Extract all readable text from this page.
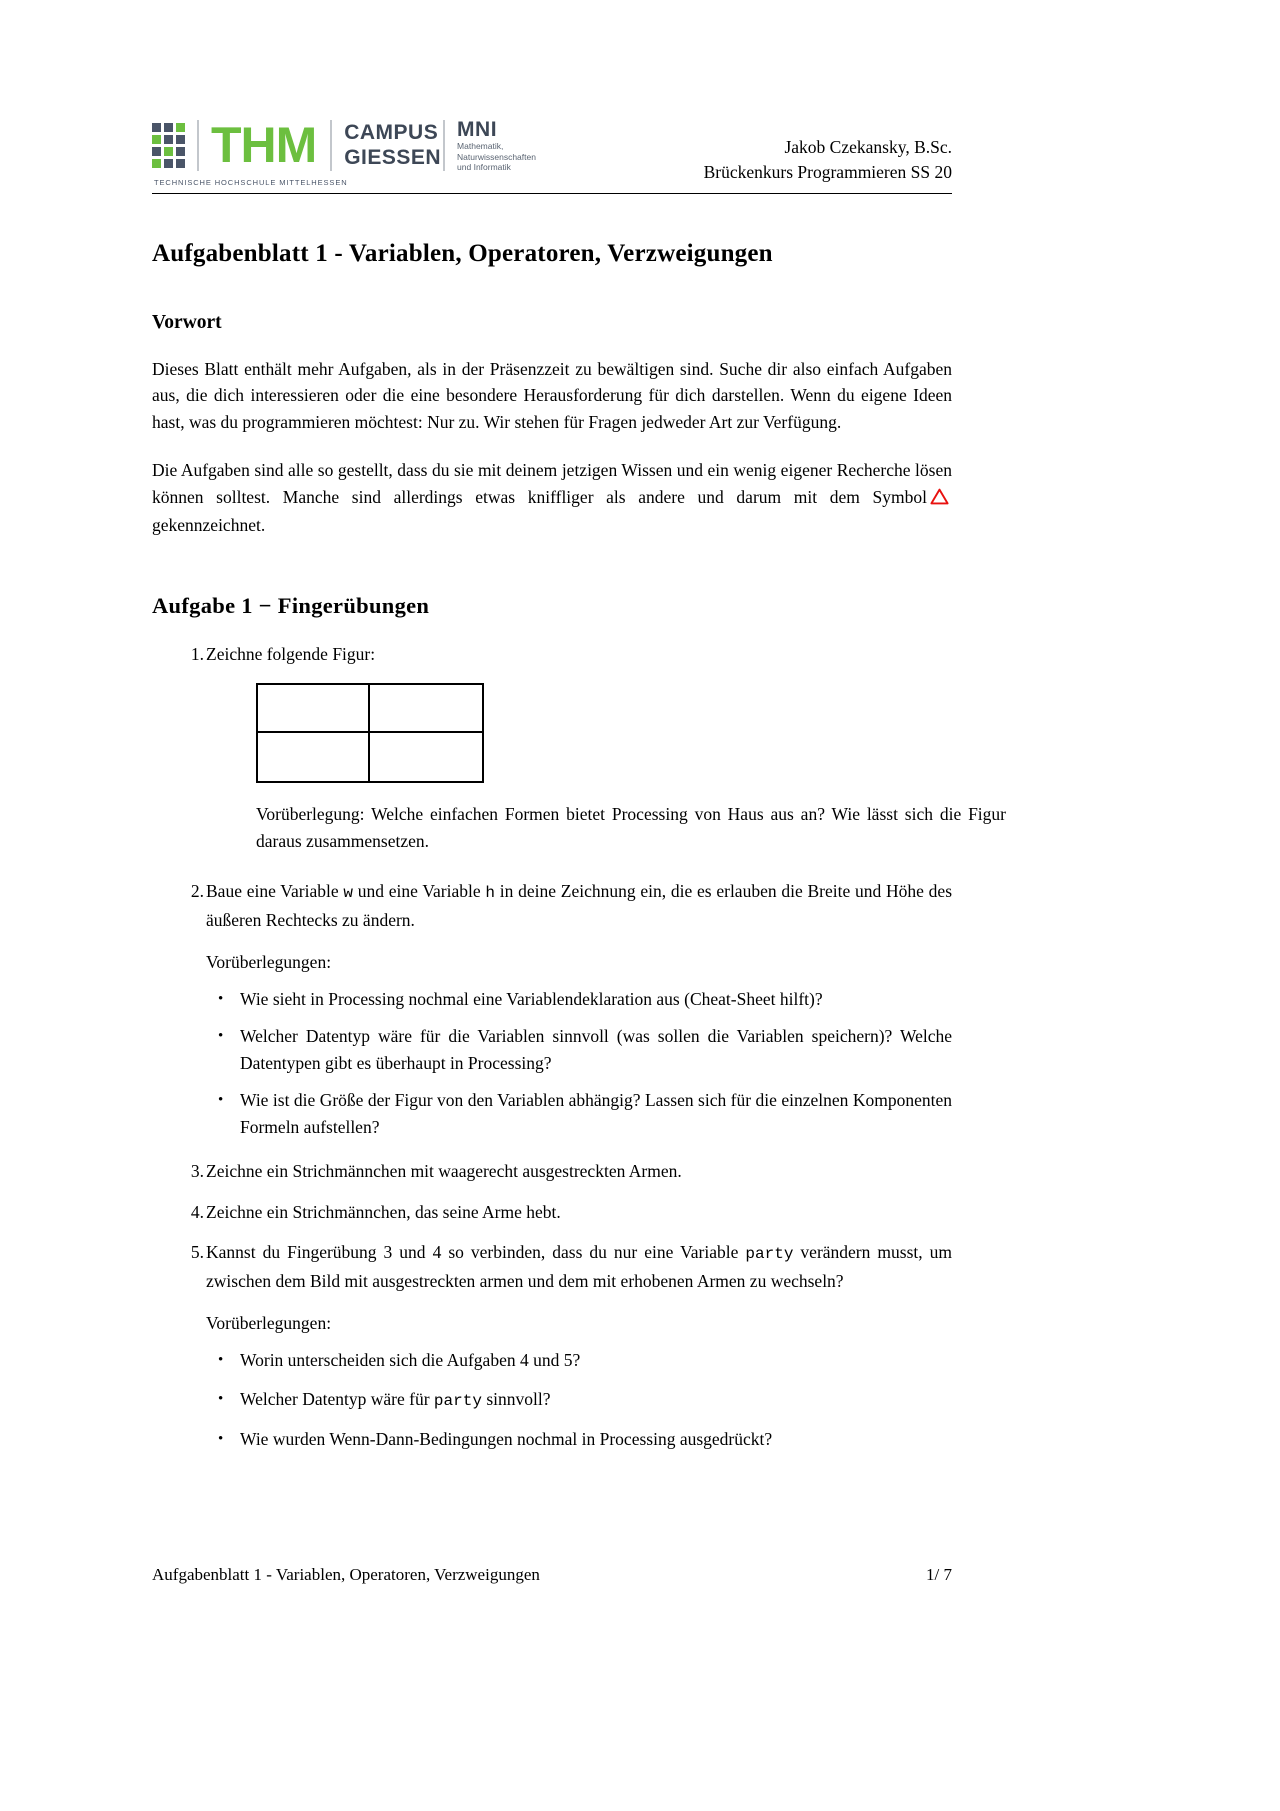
THM CAMPUS
GIESSEN
MNI
Mathematik, Naturwissenschaften
und Informatik
TECHNISCHE HOCHSCHULE MITTELHESSEN
Jakob Czekansky, B.Sc.
Brückenkurs Programmieren SS 20
Aufgabenblatt 1 - Variablen, Operatoren, Verzweigungen
Vorwort

Dieses Blatt enthält mehr Aufgaben, als in der Präsenzzeit zu bewältigen sind. Suche dir also einfach Aufgaben aus, die dich interessieren oder die eine besondere Herausforderung für dich darstellen. Wenn du eigene Ideen hast, was du programmieren möchtest: Nur zu. Wir stehen für Fragen jedweder Art zur Verfügung.

Die Aufgaben sind alle so gestellt, dass du sie mit deinem jetzigen Wissen und ein wenig eigener Recherche lösen können solltest. Manche sind allerdings etwas kniffliger als andere und darum mit dem Symbolgekennzeichnet.

Aufgabe 1 − Fingerübungen
1. Zeichne folgende Figur:
Vorüberlegung: Welche einfachen Formen bietet Processing von Haus aus an? Wie lässt sich die Figur daraus zusammensetzen.
2. Baue eine Variable w und eine Variable h in deine Zeichnung ein, die es erlauben die Breite und Höhe des äußeren Rechtecks zu ändern.
Vorüberlegungen:
• Wie sieht in Processing nochmal eine Variablendeklaration aus (Cheat-Sheet hilft)?
• Welcher Datentyp wäre für die Variablen sinnvoll (was sollen die Variablen speichern)? Welche Datentypen gibt es überhaupt in Processing?
• Wie ist die Größe der Figur von den Variablen abhängig? Lassen sich für die einzelnen Komponenten Formeln aufstellen?
3. Zeichne ein Strichmännchen mit waagerecht ausgestreckten Armen.
4. Zeichne ein Strichmännchen, das seine Arme hebt.
5. Kannst du Fingerübung 3 und 4 so verbinden, dass du nur eine Variable party verändern musst, um zwischen dem Bild mit ausgestreckten armen und dem mit erhobenen Armen zu wechseln?
Vorüberlegungen:
• Worin unterscheiden sich die Aufgaben 4 und 5?
• Welcher Datentyp wäre für party sinnvoll?
• Wie wurden Wenn-Dann-Bedingungen nochmal in Processing ausgedrückt?
Aufgabenblatt 1 - Variablen, Operatoren, Verzweigungen	1/ 7
